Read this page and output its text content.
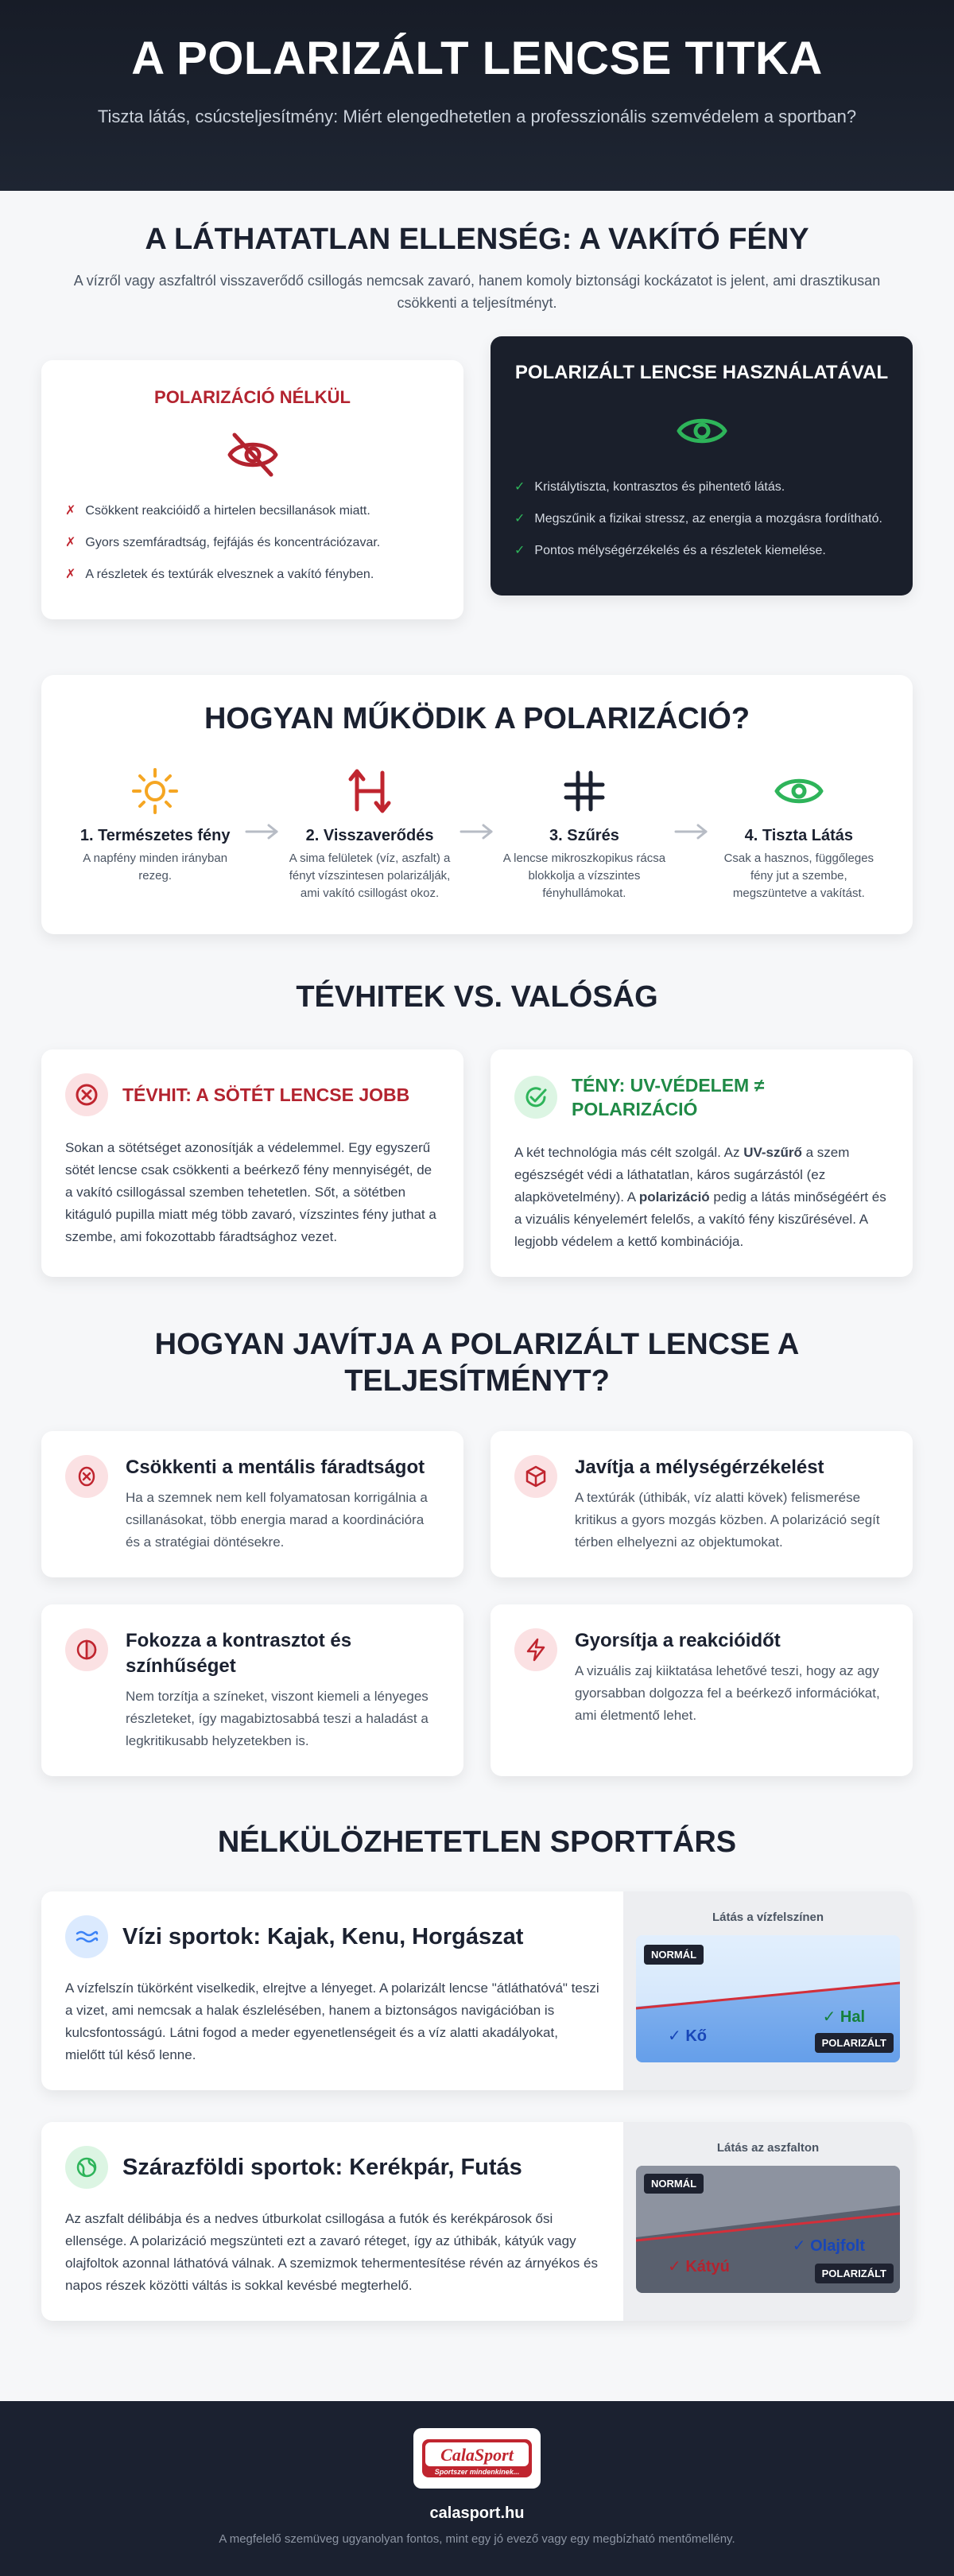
A POLARIZÁLT LENCSE TITKA

Tiszta látás, csúcsteljesítmény: Miért elengedhetetlen a professzionális szemvédelem a sportban?

A LÁTHATATLAN ELLENSÉG: A VAKÍTÓ FÉNY

A vízről vagy aszfaltról visszaverődő csillogás nemcsak zavaró, hanem komoly biztonsági kockázatot is jelent, ami drasztikusan csökkenti a teljesítményt.

POLARIZÁCIÓ NÉLKÜL
✗ Csökkent reakcióidő a hirtelen becsillanások miatt.
✗ Gyors szemfáradtság, fejfájás és koncentrációzavar.
✗ A részletek és textúrák elvesznek a vakító fényben.
POLARIZÁLT LENCSE HASZNÁLATÁVAL
✓ Kristálytiszta, kontrasztos és pihentető látás.
✓ Megszűnik a fizikai stressz, az energia a mozgásra fordítható.
✓ Pontos mélységérzékelés és a részletek kiemelése.
HOGYAN MŰKÖDIK A POLARIZÁCIÓ?
1. Természetes fény
A napfény minden irányban rezeg.
2. Visszaverődés
A sima felületek (víz, aszfalt) a fényt vízszintesen polarizálják, ami vakító csillogást okoz.
3. Szűrés
A lencse mikroszkopikus rácsa blokkolja a vízszintes fényhullámokat.
4. Tiszta Látás
Csak a hasznos, függőleges fény jut a szembe, megszüntetve a vakítást.
TÉVHITEK VS. VALÓSÁG
TÉVHIT: A SÖTÉT LENCSE JOBB

Sokan a sötétséget azonosítják a védelemmel. Egy egyszerű sötét lencse csak csökkenti a beérkező fény mennyiségét, de a vakító csillogással szemben tehetetlen. Sőt, a sötétben kitáguló pupilla miatt még több zavaró, vízszintes fény juthat a szembe, ami fokozottabb fáradtsághoz vezet.

TÉNY: UV-VÉDELEM ≠ POLARIZÁCIÓ

A két technológia más célt szolgál. Az UV-szűrő a szem egészségét védi a láthatatlan, káros sugárzástól (ez alapkövetelmény). A polarizáció pedig a látás minőségéért és a vizuális kényelemért felelős, a vakító fény kiszűrésével. A legjobb védelem a kettő kombinációja.

HOGYAN JAVÍTJA A POLARIZÁLT LENCSE A TELJESÍTMÉNYT?
Csökkenti a mentális fáradtságot
Ha a szemnek nem kell folyamatosan korrigálnia a csillanásokat, több energia marad a koordinációra és a stratégiai döntésekre.
Javítja a mélységérzékelést
A textúrák (úthibák, víz alatti kövek) felismerése kritikus a gyors mozgás közben. A polarizáció segít térben elhelyezni az objektumokat.
Fokozza a kontrasztot és színhűséget
Nem torzítja a színeket, viszont kiemeli a lényeges részleteket, így magabiztosabbá teszi a haladást a legkritikusabb helyzetekben is.
Gyorsítja a reakcióidőt
A vizuális zaj kiiktatása lehetővé teszi, hogy az agy gyorsabban dolgozza fel a beérkező információkat, ami életmentő lehet.
NÉLKÜLÖZHETETLEN SPORTTÁRS
Vízi sportok: Kajak, Kenu, Horgászat

A vízfelszín tükörként viselkedik, elrejtve a lényeget. A polarizált lencse "átláthatóvá" teszi a vizet, ami nemcsak a halak észlelésében, hanem a biztonságos navigációban is kulcsfontosságú. Látni fogod a meder egyenetlenségeit és a víz alatti akadályokat, mielőtt túl késő lenne.

Látás a vízfelszínen
NORMÁL
✓ Hal
✓ Kő	POLARIZÁLT
Szárazföldi sportok: Kerékpár, Futás

Az aszfalt délibábja és a nedves útburkolat csillogása a futók és kerékpárosok ősi ellensége. A polarizáció megszünteti ezt a zavaró réteget, így az úthibák, kátyúk vagy olajfoltok azonnal láthatóvá válnak. A szemizmok tehermentesítése révén az árnyékos és napos részek közötti váltás is sokkal kevésbé megterhelő.

Látás az aszfalton
NORMÁL
✓ Olajfolt
✓ Kátyú	POLARIZÁLT
CalaSport
Sportszer mindenkinek...
calasport.hu
A megfelelő szemüveg ugyanolyan fontos, mint egy jó evező vagy egy megbízható mentőmellény.
